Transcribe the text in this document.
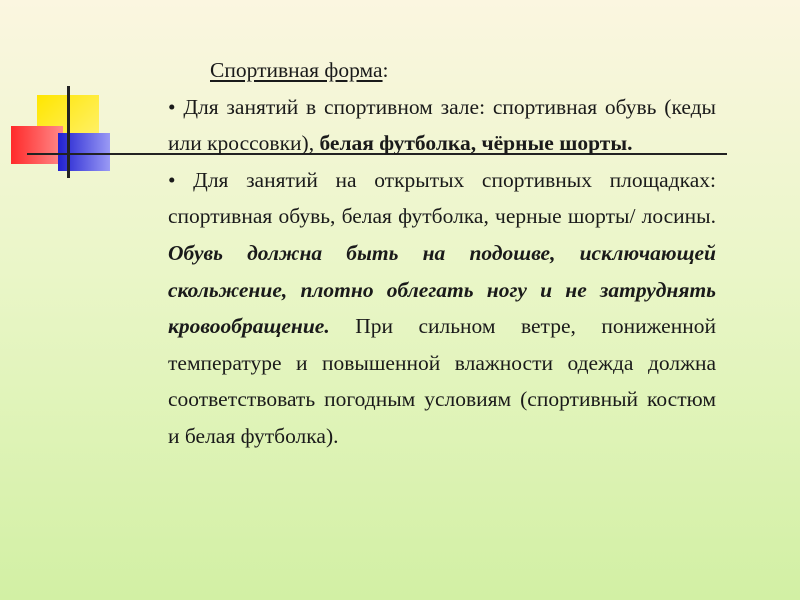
Спортивная форма:
• Для занятий в спортивном зале: спортивная обувь (кеды или кроссовки), белая футболка, чёрные шорты.
• Для занятий на открытых спортивных площадках: спортивная обувь, белая футболка, черные шорты/ лосины. Обувь должна быть на подошве, исключающей скольжение, плотно облегать ногу и не затруднять кровообращение. При сильном ветре, пониженной температуре и повышенной влажности одежда должна соответствовать погодным условиям (спортивный костюм и белая футболка).
